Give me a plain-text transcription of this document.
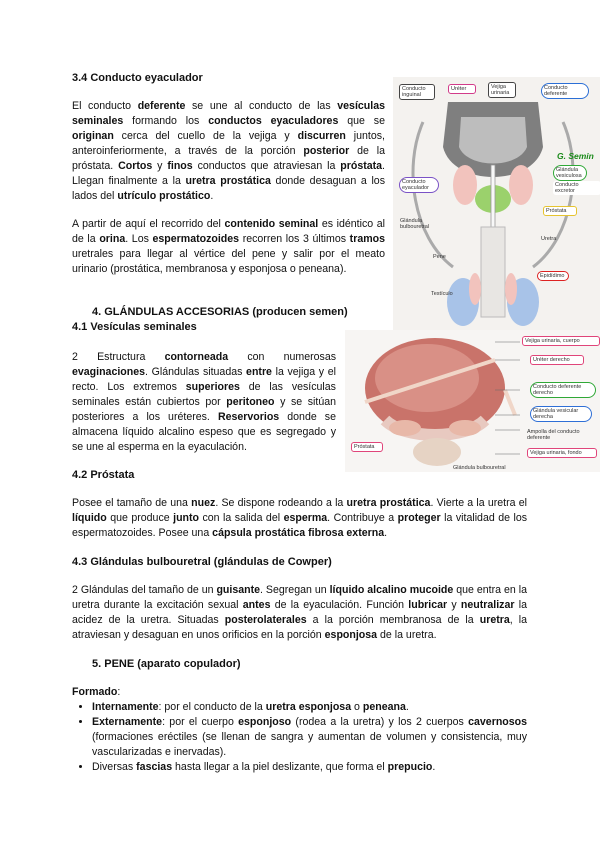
3.4 Conducto eyaculador
El conducto deferente se une al conducto de las vesículas seminales formando los conductos eyaculadores que se originan cerca del cuello de la vejiga y discurren juntos, anteroinferiormente, a través de la porción posterior de la próstata. Cortos y finos conductos que atraviesan la próstata. Llegan finalmente a la uretra prostática donde desaguan a los lados del utrículo prostático.
A partir de aquí el recorrido del contenido seminal es idéntico al de la orina. Los espermatozoides recorren los 3 últimos tramos uretrales para llegar al vértice del pene y salir por el meato urinario (prostática, membranosa y esponjosa o peneana).
4. GLÁNDULAS ACCESORIAS (producen semen)
4.1 Vesículas seminales
2 Estructura contorneada con numerosas evaginaciones. Glándulas situadas entre la vejiga y el recto. Los extremos superiores de las vesículas seminales están cubiertos por peritoneo y se sitúan posteriores a los uréteres. Reservorios donde se almacena líquido alcalino espeso que es segregado y se une al esperma en la eyaculación.
4.2 Próstata
Posee el tamaño de una nuez. Se dispone rodeando a la uretra prostática. Vierte a la uretra el líquido que produce junto con la salida del esperma. Contribuye a proteger la vitalidad de los espermatozoides. Posee una cápsula prostática fibrosa externa.
4.3 Glándulas bulbouretral (glándulas de Cowper)
2 Glándulas del tamaño de un guisante. Segregan un líquido alcalino mucoide que entra en la uretra durante la excitación sexual antes de la eyaculación. Función lubricar y neutralizar la acidez de la uretra. Situadas posterolaterales a la porción membranosa de la uretra, la atraviesan y desaguan en unos orificios en la porción esponjosa de la uretra.
5. PENE (aparato copulador)
Formado:
• Internamente: por el conducto de la uretra esponjosa o peneana.
• Externamente: por el cuerpo esponjoso (rodea a la uretra) y los 2 cuerpos cavernosos (formaciones eréctiles (se llenan de sangra y aumentan de volumen y consistencia, muy vascularizadas e inervadas).
• Diversas fascias hasta llegar a la piel deslizante, que forma el prepucio.
Conducto inguinal
Uréter	Vejiga urinaria
Conducto deferente
G. Semin
Glándula vesiculosa
Conducto excretor
Conducto eyaculador
Próstata
Glándula bulbouretral
Uretra
Pene
Epidídimo
Testículo
Vejiga urinaria, cuerpo
Uréter derecho
Conducto deferente derecho
Glándula vesicular derecha
Ampolla del conducto deferente
Vejiga urinaria, fondo
Próstata
Glándula bulbouretral
